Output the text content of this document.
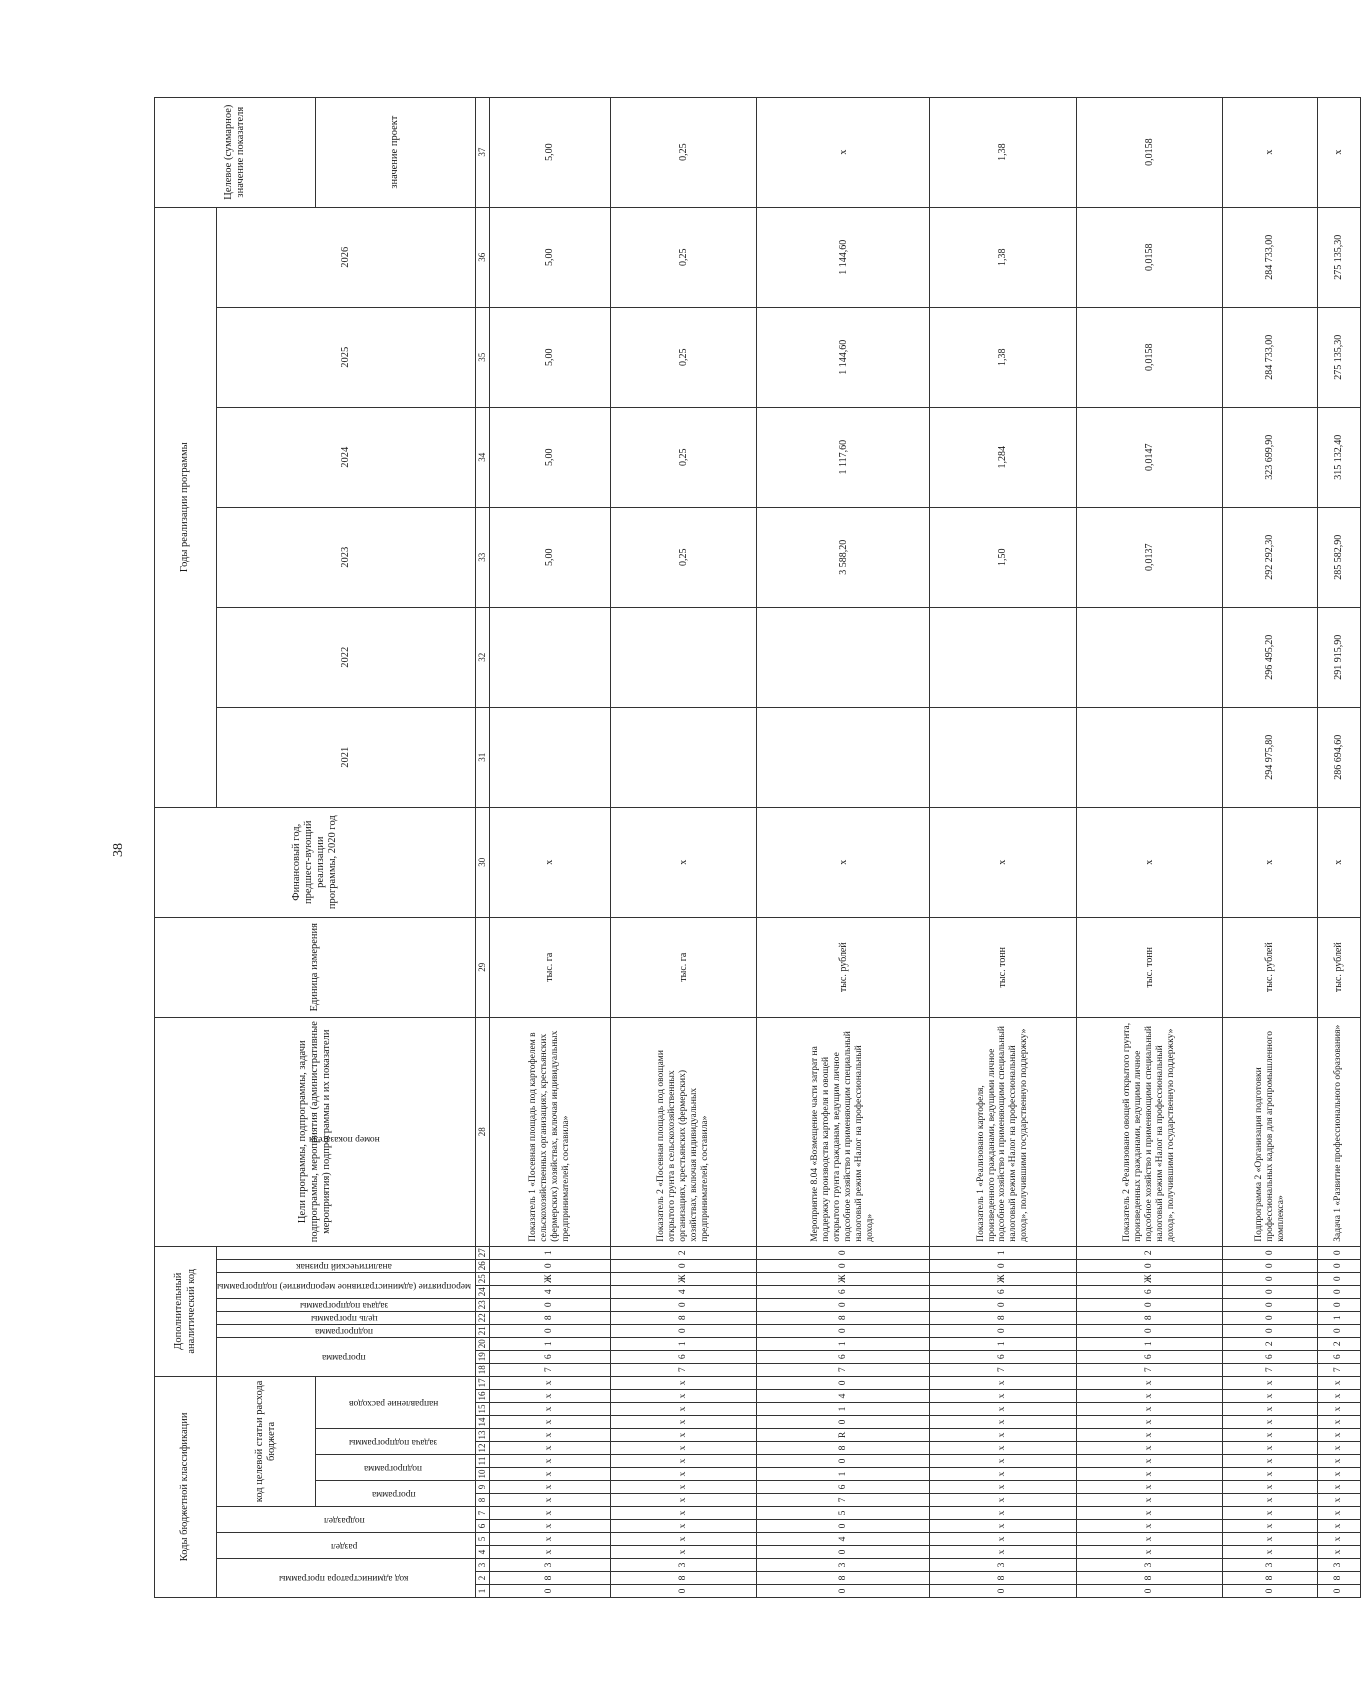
38
Коды бюджетной классификации																	Дополнительный аналитический код										Цели программы, подпрограммы, задачи подпрограммы, мероприятия (административные мероприятия) подпрограммы и их показатели	Единица измерения	Финансовый год, предшест-вующий реализации программы, 2020 год	Годы реализации программы						Целевое (суммарное) значение показателя
код администратора программы			раздел		подраздел		код целевой статьи расхода бюджета										программа			подпрограмма	цель программы	задача подпрограммы	мероприятие (административное мероприятие) подпрограммы		аналитический признак	номер показателя				2021	2022	2023	2024	2025	2026	
							программа		подпрограмма		задача подпрограммы		направление расходов																							значение проект
1	2	3	4	5	6	7	8	9	10	11	12	13	14	15	16	17	18	19	20	21	22	23	24	25	26	27	28	29	30	31	32	33	34	35	36	37
0	8	3	x	x	x	x	x	x	x	x	x	x	x	x	x	x	7	6	1	0	8	0	4	Ж	0	1	Показатель 1 «Посевная площадь под картофелем в сельскохозяйственных организациях, крестьянских (фермерских) хозяйствах, включая индивидуальных предпринимателей, составила»	тыс. га	x			5,00	5,00	5,00	5,00	5,00
0	8	3	x	x	x	x	x	x	x	x	x	x	x	x	x	x	7	6	1	0	8	0	4	Ж	0	2	Показатель 2 «Посевная площадь под овощами открытого грунта в сельскохозяйственных организациях, крестьянских (фермерских) хозяйствах, включая индивидуальных предпринимателей, составила»	тыс. га	x			0,25	0,25	0,25	0,25	0,25
0	8	3	0	4	0	5	7	6	1	0	8	R	0	1	4	0	7	6	1	0	8	0	6	Ж	0	0	Мероприятие 8.04 «Возмещение части затрат на поддержку производства картофеля и овощей открытого грунта гражданам, ведущим личное подсобное хозяйство и применяющим специальный налоговый режим «Налог на профессиональный доход»	тыс. рублей	x			3 588,20	1 117,60	1 144,60	1 144,60	x
0	8	3	x	x	x	x	x	x	x	x	x	x	x	x	x	x	7	6	1	0	8	0	6	Ж	0	1	Показатель 1 «Реализовано картофеля, произведенного гражданами, ведущими личное подсобное хозяйство и применяющими специальный налоговый режим «Налог на профессиональный доход», получившими государственную поддержку»	тыс. тонн	x			1,50	1,284	1,38	1,38	1,38
0	8	3	x	x	x	x	x	x	x	x	x	x	x	x	x	x	7	6	1	0	8	0	6	Ж	0	2	Показатель 2 «Реализовано овощей открытого грунта, произведенных гражданами, ведущими личное подсобное хозяйство и применяющими специальный налоговый режим «Налог на профессиональный доход», получившими государственную поддержку»	тыс. тонн	x			0,0137	0,0147	0,0158	0,0158	0,0158
0	8	3	x	x	x	x	x	x	x	x	x	x	x	x	x	x	7	6	2	0	0	0	0	0	0	0	Подпрограмма 2 «Организация подготовки профессиональных кадров для агропромышленного комплекса»	тыс. рублей	x	294 975,80	296 495,20	292 292,30	323 699,90	284 733,00	284 733,00	x
0	8	3	x	x	x	x	x	x	x	x	x	x	x	x	x	x	7	6	2	0	1	0	0	0	0	0	Задача 1 «Развитие профессионального образования»	тыс. рублей	x	286 694,60	291 915,90	285 582,90	315 132,40	275 135,30	275 135,30	x
